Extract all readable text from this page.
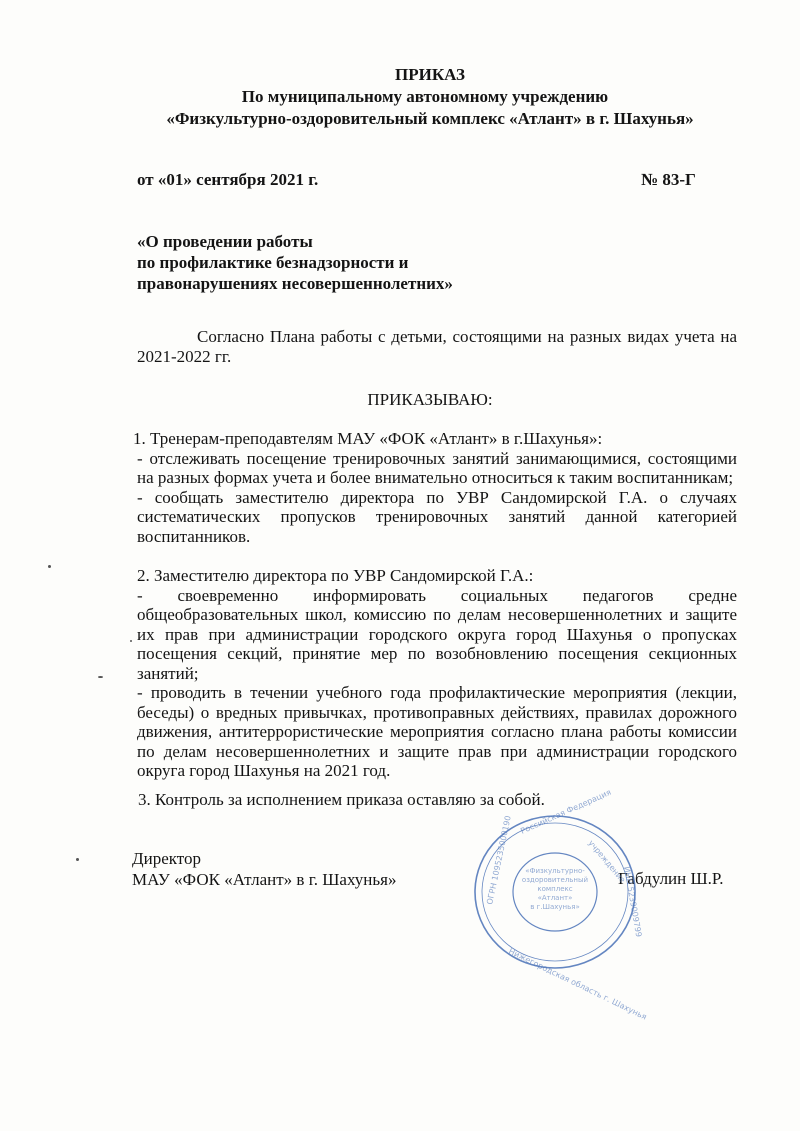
ПРИКАЗ
По муниципальному автономному учреждению
«Физкультурно-оздоровительный комплекс «Атлант» в г. Шахунья»
от «01» сентября 2021 г.	№ 83-Г
«О проведении работы
по профилактике безнадзорности и
правонарушениях несовершеннолетних»
Согласно Плана работы с детьми, состоящими на разных видах учета на 2021-2022 гг.
ПРИКАЗЫВАЮ:

1. Тренерам-преподавтелям МАУ «ФОК «Атлант» в г.Шахунья»:

- отслеживать посещение тренировочных занятий занимающимися, состоящими на разных формах учета и более внимательно относиться к таким воспитанникам;

- сообщать заместителю директора по УВР Сандомирской Г.А. о случаях систематических пропусков тренировочных занятий данной категорией воспитанников.

2. Заместителю директора по УВР Сандомирской Г.А.:

- своевременно информировать социальных педагогов средне общеобразовательных школ, комиссию по делам несовершеннолетних и защите их прав при администрации городского округа город Шахунья о пропусках посещения секций, принятие мер по возобновлению посещения секционных занятий;

- проводить в течении учебного года профилактические мероприятия (лекции, беседы) о вредных привычках, противоправных действиях, правилах дорожного движения, антитеррористические мероприятия согласно плана работы комиссии по делам несовершеннолетних и защите прав при администрации городского округа город Шахунья на 2021 год.

3. Контроль за исполнением приказа оставляю за собой.

Директор
МАУ «ФОК «Атлант» в г. Шахунья»	Габдулин Ш.Р.
«Физкультурно-
оздоровительный
комплекс
«Атлант»
в г.Шахунья»
Российская Федерация
учреждение
ОГРН 1095235000190	ИНН 5239009799
Нижегородская область г. Шахунья
